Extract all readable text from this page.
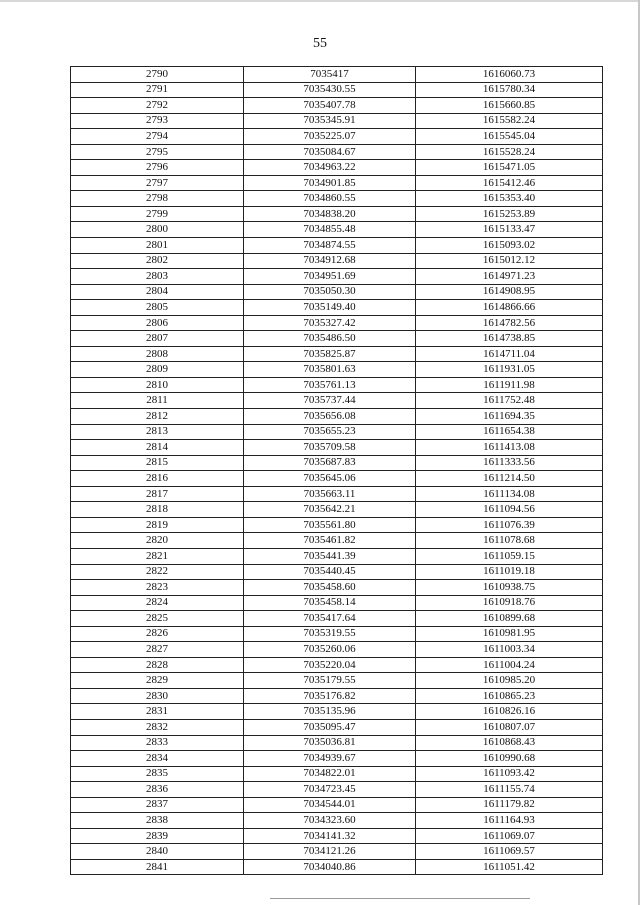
55
2790	7035417	1616060.73
2791	7035430.55	1615780.34
2792	7035407.78	1615660.85
2793	7035345.91	1615582.24
2794	7035225.07	1615545.04
2795	7035084.67	1615528.24
2796	7034963.22	1615471.05
2797	7034901.85	1615412.46
2798	7034860.55	1615353.40
2799	7034838.20	1615253.89
2800	7034855.48	1615133.47
2801	7034874.55	1615093.02
2802	7034912.68	1615012.12
2803	7034951.69	1614971.23
2804	7035050.30	1614908.95
2805	7035149.40	1614866.66
2806	7035327.42	1614782.56
2807	7035486.50	1614738.85
2808	7035825.87	1614711.04
2809	7035801.63	1611931.05
2810	7035761.13	1611911.98
2811	7035737.44	1611752.48
2812	7035656.08	1611694.35
2813	7035655.23	1611654.38
2814	7035709.58	1611413.08
2815	7035687.83	1611333.56
2816	7035645.06	1611214.50
2817	7035663.11	1611134.08
2818	7035642.21	1611094.56
2819	7035561.80	1611076.39
2820	7035461.82	1611078.68
2821	7035441.39	1611059.15
2822	7035440.45	1611019.18
2823	7035458.60	1610938.75
2824	7035458.14	1610918.76
2825	7035417.64	1610899.68
2826	7035319.55	1610981.95
2827	7035260.06	1611003.34
2828	7035220.04	1611004.24
2829	7035179.55	1610985.20
2830	7035176.82	1610865.23
2831	7035135.96	1610826.16
2832	7035095.47	1610807.07
2833	7035036.81	1610868.43
2834	7034939.67	1610990.68
2835	7034822.01	1611093.42
2836	7034723.45	1611155.74
2837	7034544.01	1611179.82
2838	7034323.60	1611164.93
2839	7034141.32	1611069.07
2840	7034121.26	1611069.57
2841	7034040.86	1611051.42
